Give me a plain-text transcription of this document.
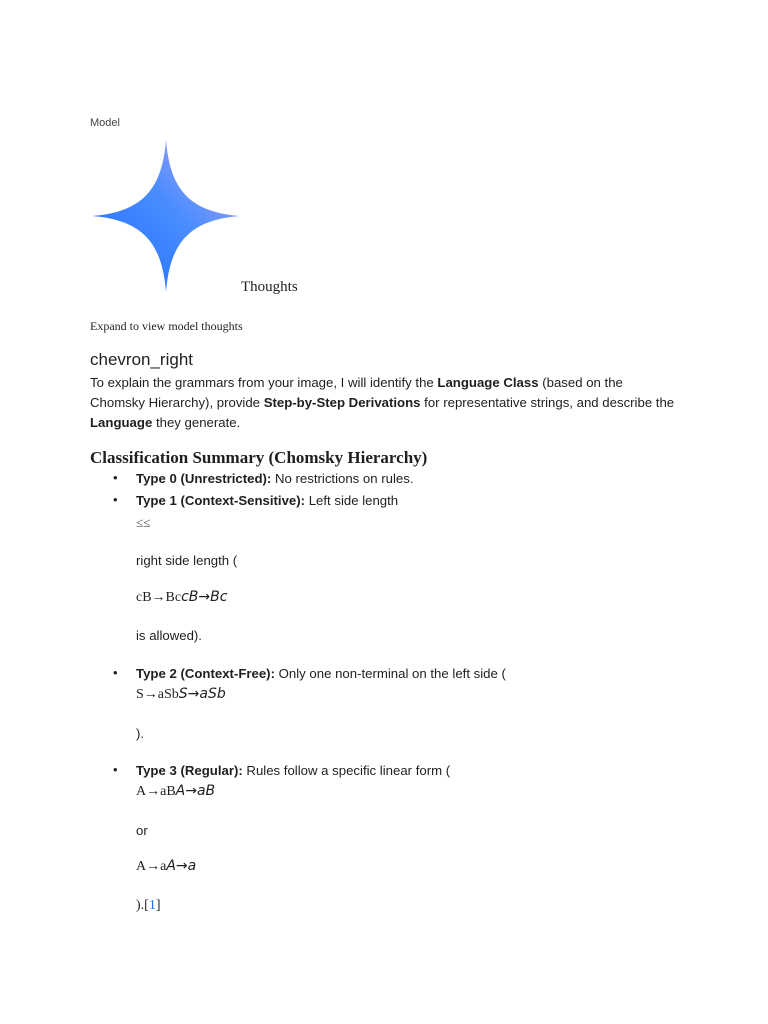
Model
Thoughts
Expand to view model thoughts
chevron_right
To explain the grammars from your image, I will identify the Language Class (based on the Chomsky Hierarchy), provide Step-by-Step Derivations for representative strings, and describe the Language they generate.
Classification Summary (Chomsky Hierarchy)
• Type 0 (Unrestricted): No restrictions on rules.
• Type 1 (Context-Sensitive): Left side length
≤≤
right side length (
cB→BccB→Bc
is allowed).
• Type 2 (Context-Free): Only one non-terminal on the left side (
S→aSbS→aSb
).
• Type 3 (Regular): Rules follow a specific linear form (
A→aBA→aB
or
A→aA→a
).[1]
